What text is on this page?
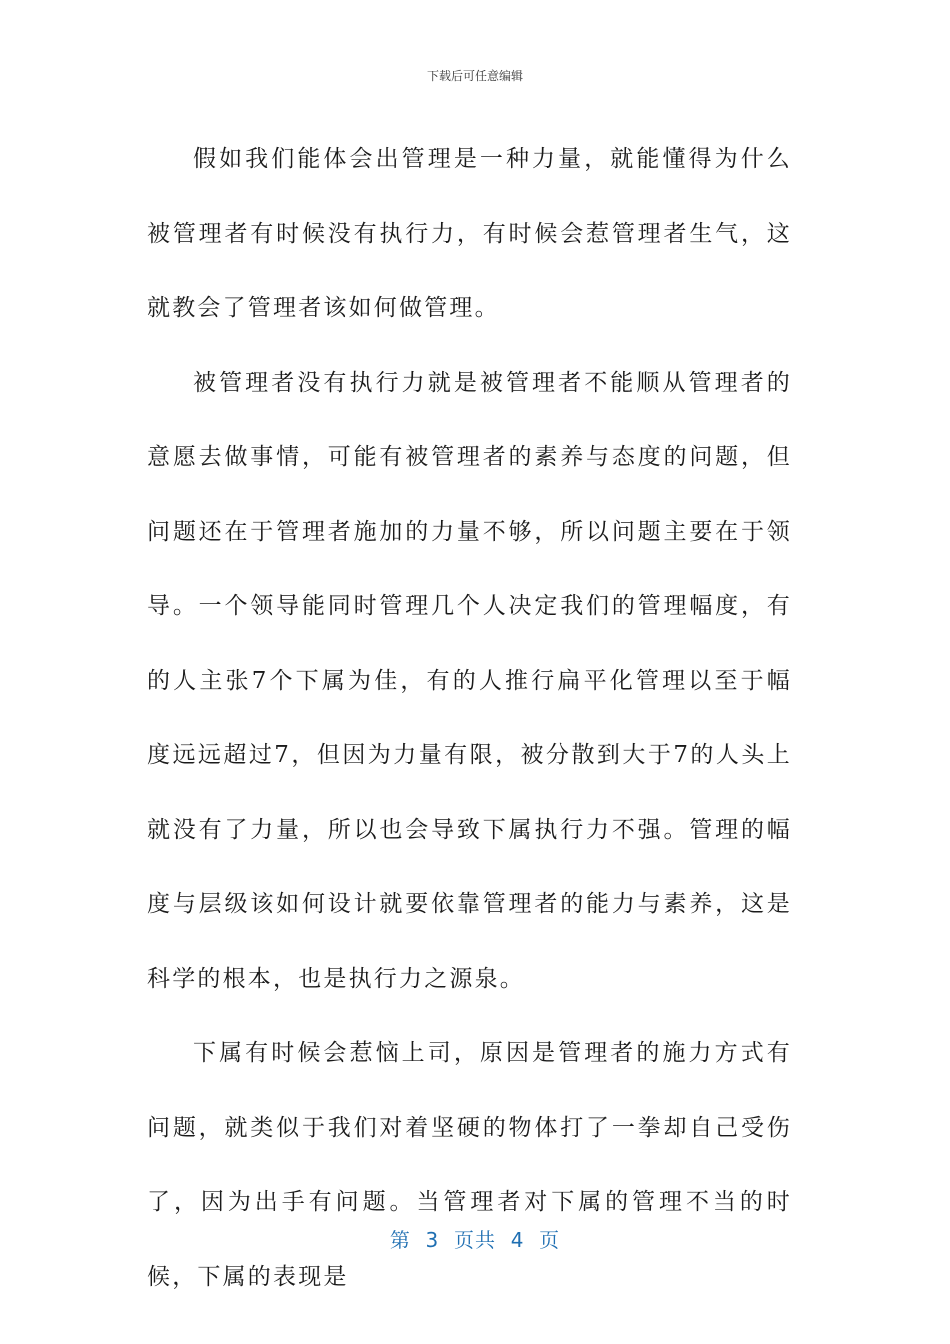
下载后可任意编辑

假如我们能体会出管理是一种力量，就能懂得为什么被管理者有时候没有执行力，有时候会惹管理者生气，这就教会了管理者该如何做管理。

被管理者没有执行力就是被管理者不能顺从管理者的意愿去做事情，可能有被管理者的素养与态度的问题，但问题还在于管理者施加的力量不够，所以问题主要在于领导。一个领导能同时管理几个人决定我们的管理幅度，有的人主张7个下属为佳，有的人推行扁平化管理以至于幅度远远超过7，但因为力量有限，被分散到大于7的人头上就没有了力量，所以也会导致下属执行力不强。管理的幅度与层级该如何设计就要依靠管理者的能力与素养，这是科学的根本，也是执行力之源泉。

下属有时候会惹恼上司，原因是管理者的施力方式有问题，就类似于我们对着坚硬的物体打了一拳却自己受伤了，因为出手有问题。当管理者对下属的管理不当的时候，下属的表现是

第  3  页共  4  页
